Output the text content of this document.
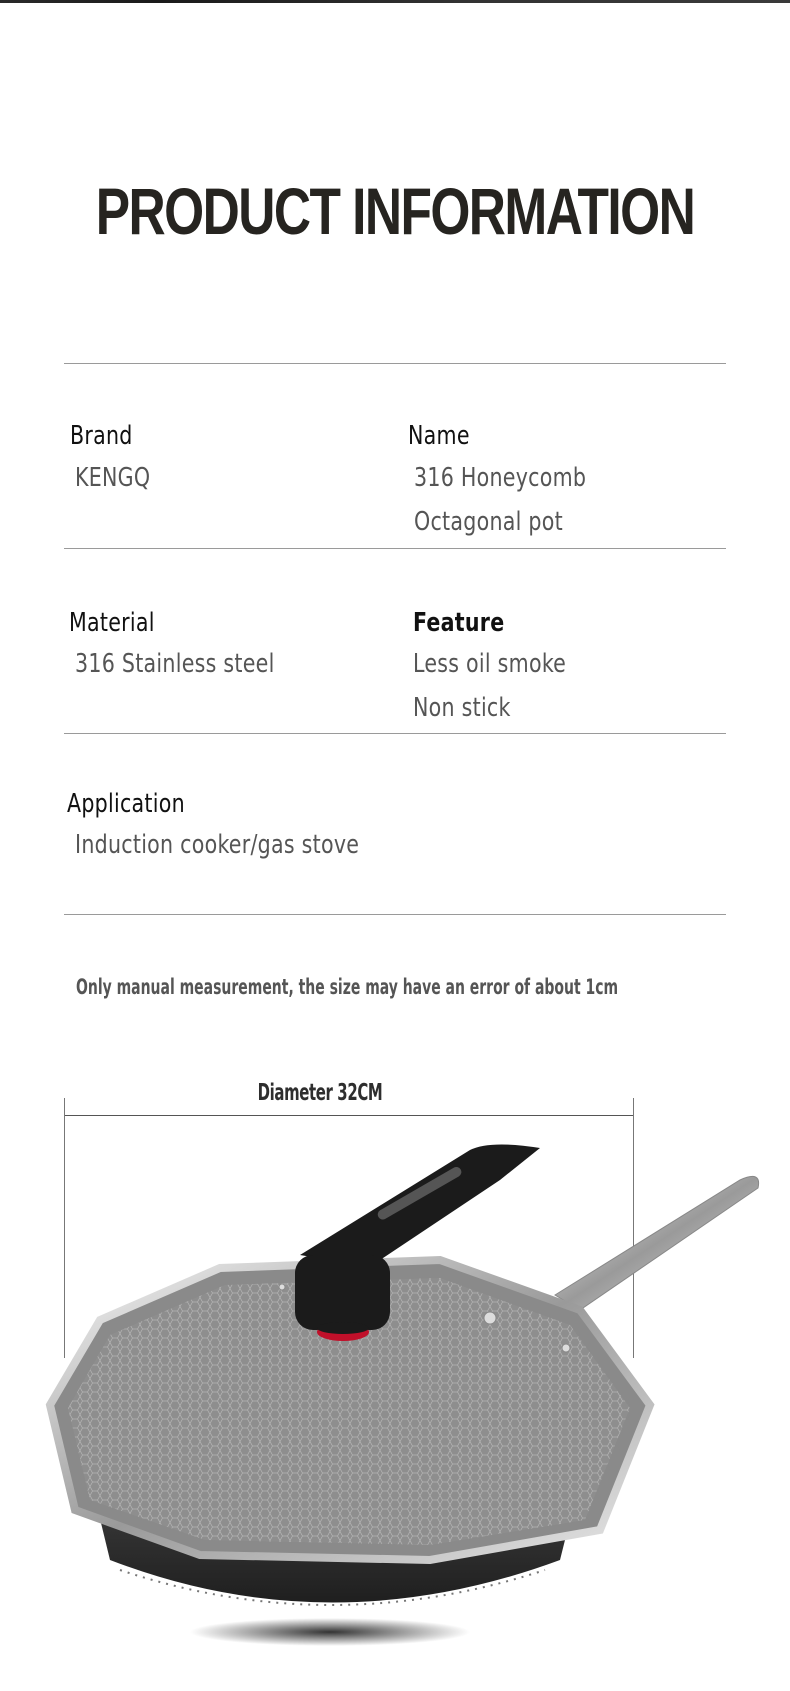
PRODUCT INFORMATION
Brand
KENGQ
Name
316 Honeycomb
Octagonal pot
Material
316 Stainless steel
Feature
Less oil smoke
Non stick
Application
Induction cooker/gas stove
Only manual measurement, the size may have an error of about 1cm
Diameter 32CM
